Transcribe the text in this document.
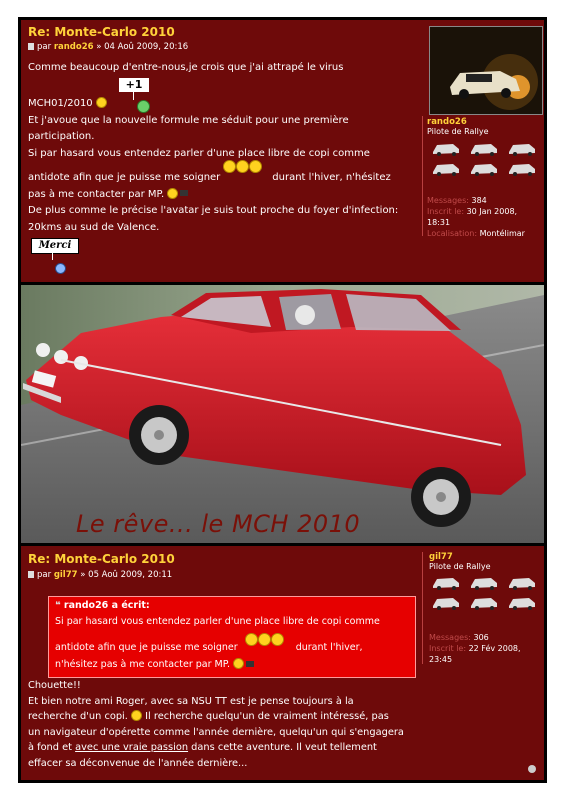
Re: Monte-Carlo 2010
par rando26 » 04 Aoû 2009, 20:16
Comme beaucoup d'entre-nous,je crois que j'ai attrapé le virus
+1
MCH01/2010
Et j'avoue que la nouvelle formule me séduit pour une première
participation.
Si par hasard vous entendez parler d'une place libre de copi comme
antidote afin que je puisse me soigner	durant l'hiver, n'hésitez
pas à me contacter par MP.
De plus comme le précise l'avatar je suis tout proche du foyer d'infection:
20kms au sud de Valence.
Merci
rando26
Pilote de Rallye
Messages: 384
Inscrit le: 30 Jan 2008,
18:31
Localisation: Montélimar
Le rêve... le MCH 2010
Re: Monte-Carlo 2010
par gil77 » 05 Aoû 2009, 20:11
Chouette!!
Et bien notre ami Roger, avec sa NSU TT est je pense toujours à la
recherche d'un copi. Il recherche quelqu'un de vraiment intéressé, pas
un navigateur d'opérette comme l'année dernière, quelqu'un qui s'engagera
à fond et avec une vraie passion dans cette aventure. Il veut tellement
effacer sa déconvenue de l'année dernière...
gil77
Pilote de Rallye
Messages: 306
Inscrit le: 22 Fév 2008,
23:45
❝ rando26 a écrit:
Si par hasard vous entendez parler d'une place libre de copi comme
antidote afin que je puisse me soigner	durant l'hiver,
n'hésitez pas à me contacter par MP.
